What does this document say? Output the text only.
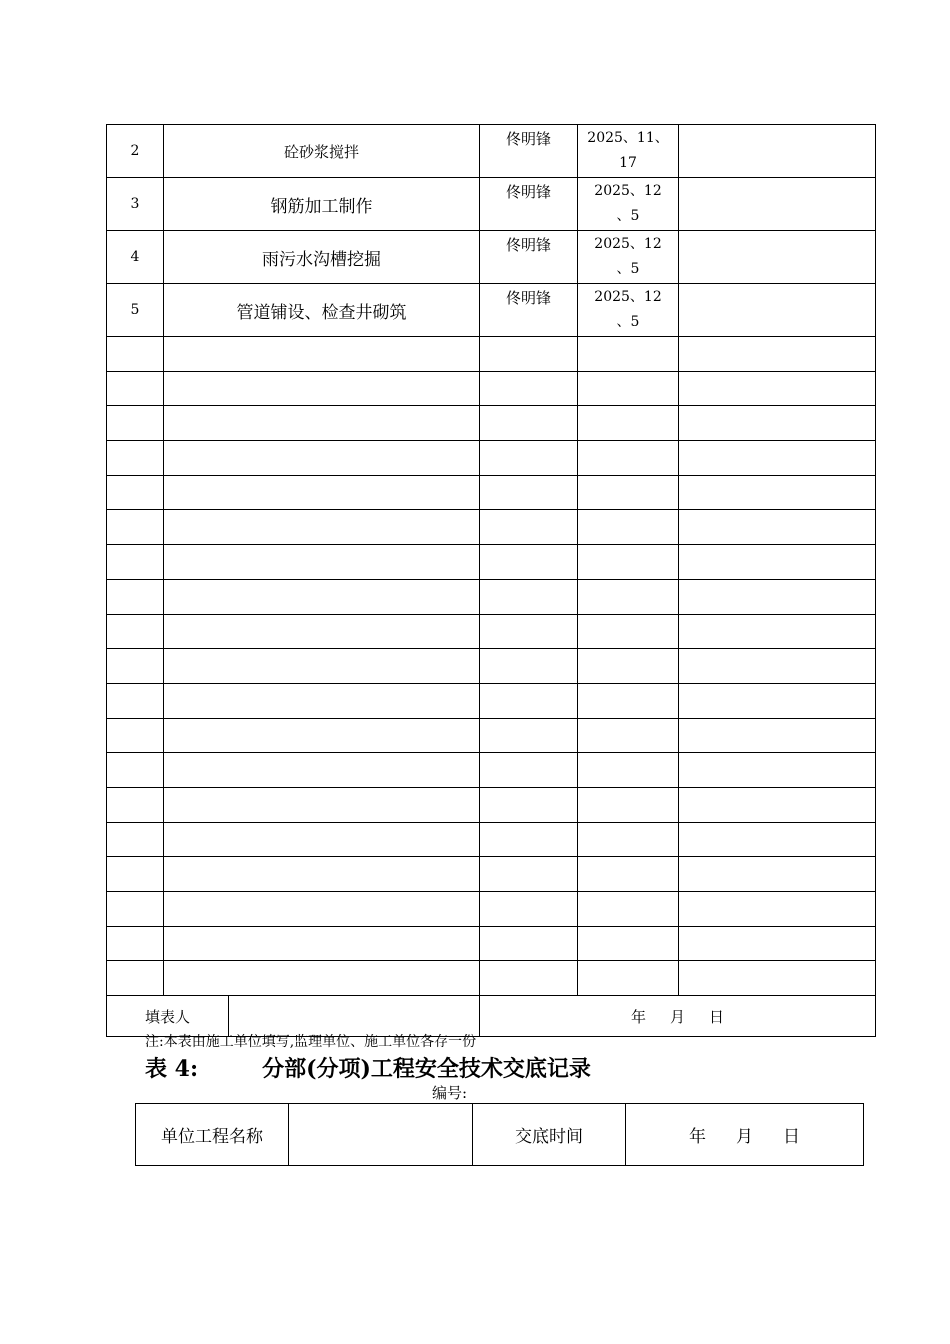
2	砼砂浆搅拌		佟明锋	2025、11、
17	

3	钢筋加工制作		佟明锋	2025、12
、5	

4	雨污水沟槽挖掘		佟明锋	2025、12
、5	

5	管道铺设、检查井砌筑		佟明锋	2025、12
、5	

填表人			年 月 日		
注:本表由施工单位填写,监理单位、施工单位各存一份
表 4:	分部(分项)工程安全技术交底记录
编号:
单位工程名称		交底时间	年 月 日
